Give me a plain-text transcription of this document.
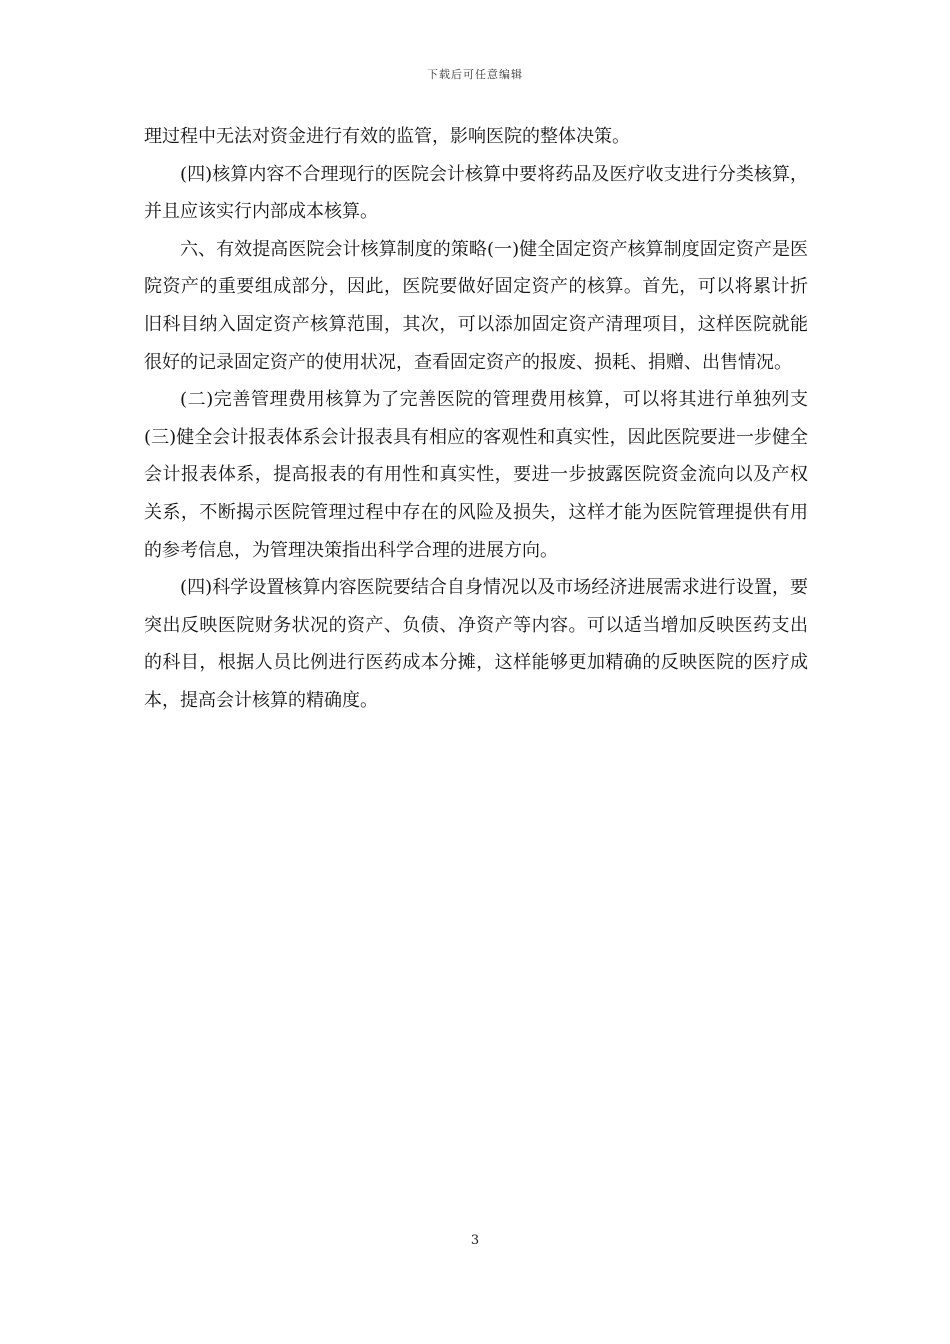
下载后可任意编辑

理过程中无法对资金进行有效的监管，影响医院的整体决策。

(四)核算内容不合理现行的医院会计核算中要将药品及医疗收支进行分类核算，并且应该实行内部成本核算。

六、有效提高医院会计核算制度的策略(一)健全固定资产核算制度固定资产是医院资产的重要组成部分，因此，医院要做好固定资产的核算。首先，可以将累计折旧科目纳入固定资产核算范围，其次，可以添加固定资产清理项目，这样医院就能很好的记录固定资产的使用状况，查看固定资产的报废、损耗、捐赠、出售情况。

(二)完善管理费用核算为了完善医院的管理费用核算，可以将其进行单独列支(三)健全会计报表体系会计报表具有相应的客观性和真实性，因此医院要进一步健全会计报表体系，提高报表的有用性和真实性，要进一步披露医院资金流向以及产权关系，不断揭示医院管理过程中存在的风险及损失，这样才能为医院管理提供有用的参考信息，为管理决策指出科学合理的进展方向。

(四)科学设置核算内容医院要结合自身情况以及市场经济进展需求进行设置，要突出反映医院财务状况的资产、负债、净资产等内容。可以适当增加反映医药支出的科目，根据人员比例进行医药成本分摊，这样能够更加精确的反映医院的医疗成本，提高会计核算的精确度。

3
